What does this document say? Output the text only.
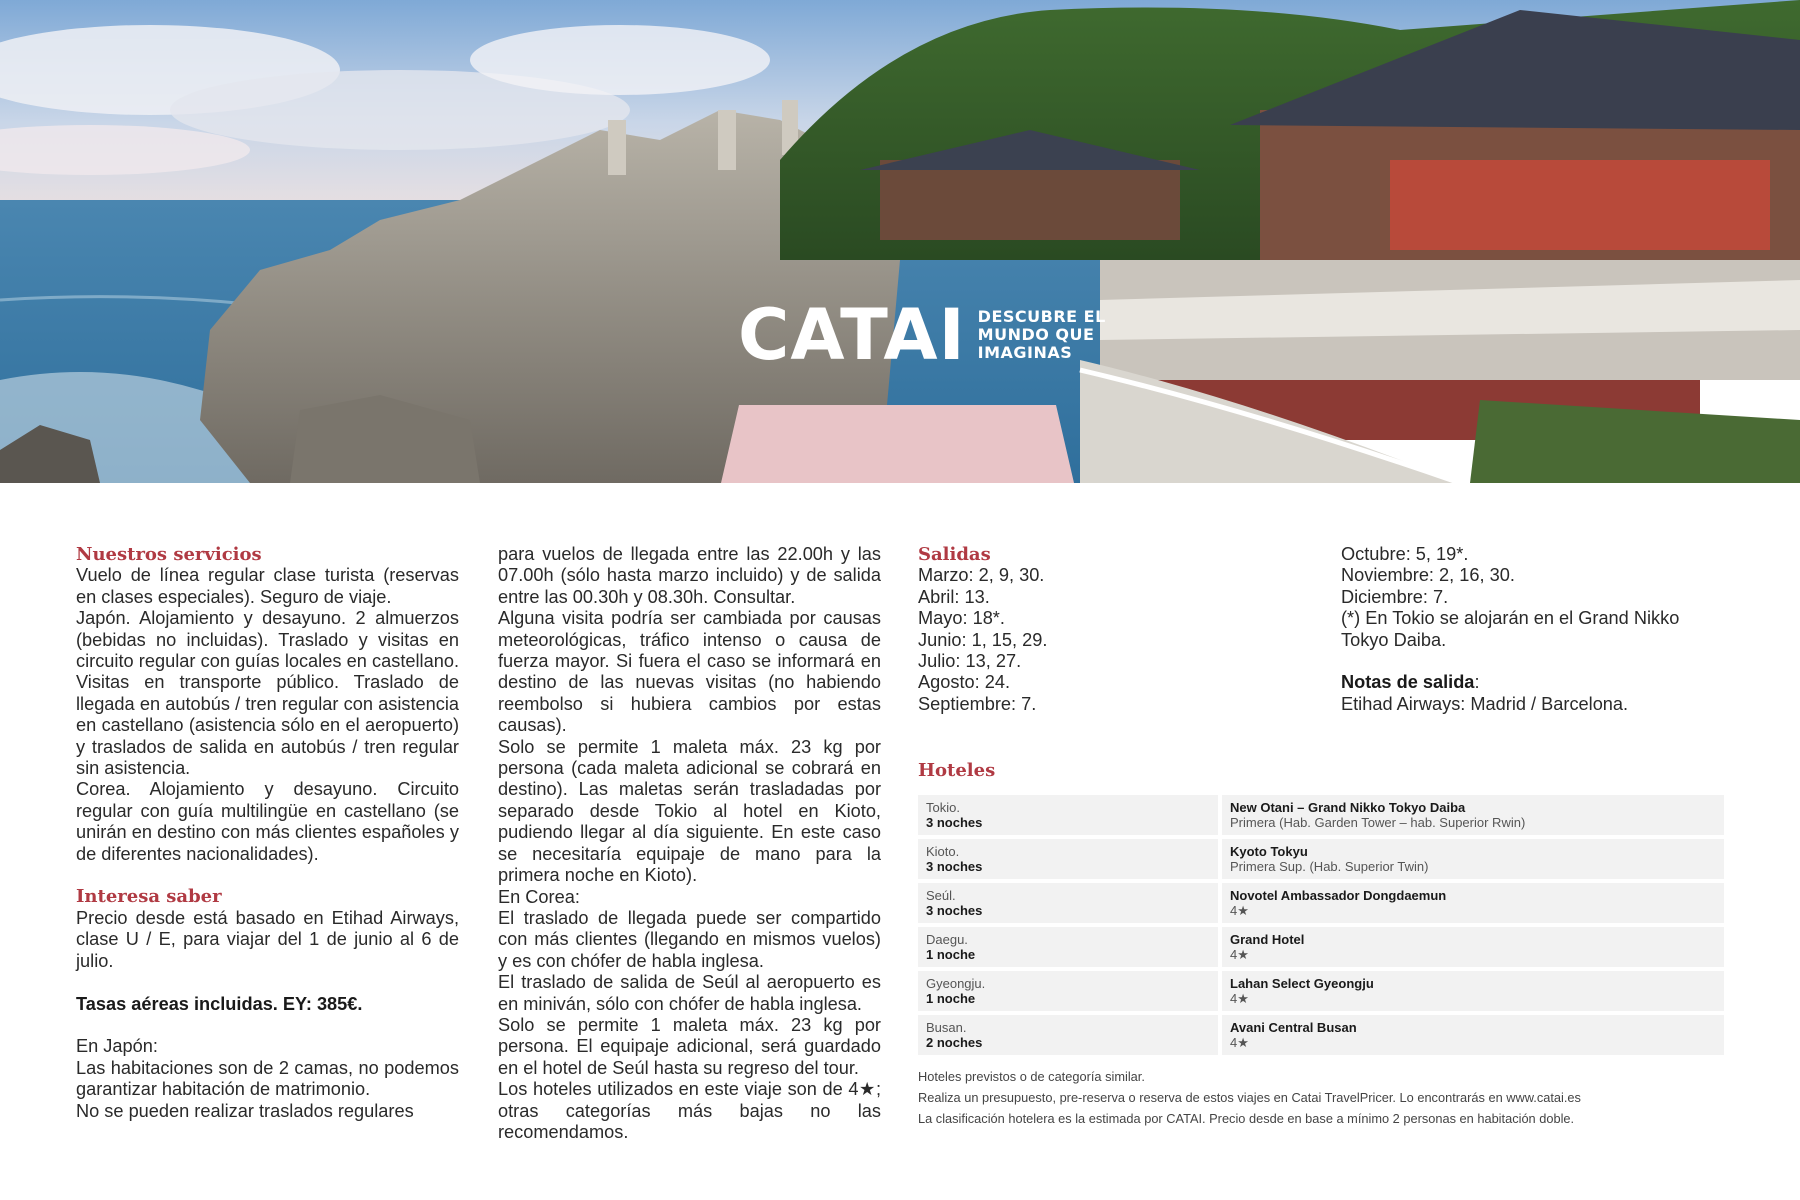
CATAI DESCUBRE EL
MUNDO QUE
IMAGINAS

Nuestros servicios

Vuelo de línea regular clase turista (reservas en clases especiales). Seguro de viaje.

Japón. Alojamiento y desayuno. 2 almuerzos (bebidas no incluidas). Traslado y visitas en circuito regular con guías locales en castellano. Visitas en transporte público. Traslado de llegada en autobús / tren regular con asistencia en castellano (asistencia sólo en el aeropuerto) y traslados de salida en autobús / tren regular sin asistencia.

Corea. Alojamiento y desayuno. Circuito regular con guía multilingüe en castellano (se unirán en destino con más clientes españoles y de diferentes nacionalidades).

Interesa saber

Precio desde está basado en Etihad Airways, clase U / E, para viajar del 1 de junio al 6 de julio.

Tasas aéreas incluidas. EY: 385€.

En Japón:

Las habitaciones son de 2 camas, no podemos garantizar habitación de matrimonio.

No se pueden realizar traslados regulares

para vuelos de llegada entre las 22.00h y las 07.00h (sólo hasta marzo incluido) y de salida entre las 00.30h y 08.30h. Consultar.

Alguna visita podría ser cambiada por causas meteorológicas, tráfico intenso o causa de fuerza mayor. Si fuera el caso se informará en destino de las nuevas visitas (no habiendo reembolso si hubiera cambios por estas causas).

Solo se permite 1 maleta máx. 23 kg por persona (cada maleta adicional se cobrará en destino). Las maletas serán trasladadas por separado desde Tokio al hotel en Kioto, pudiendo llegar al día siguiente. En este caso se necesitaría equipaje de mano para la primera noche en Kioto).

En Corea:

El traslado de llegada puede ser compartido con más clientes (llegando en mismos vuelos) y es con chófer de habla inglesa.

El traslado de salida de Seúl al aeropuerto es en miniván, sólo con chófer de habla inglesa.

Solo se permite 1 maleta máx. 23 kg por persona. El equipaje adicional, será guardado en el hotel de Seúl hasta su regreso del tour.

Los hoteles utilizados en este viaje son de 4★; otras categorías más bajas no las recomendamos.

Salidas

Marzo: 2, 9, 30.

Abril: 13.

Mayo: 18*.

Junio: 1, 15, 29.

Julio: 13, 27.

Agosto: 24.

Septiembre: 7.

Octubre: 5, 19*.

Noviembre: 2, 16, 30.

Diciembre: 7.

(*) En Tokio se alojarán en el Grand Nikko Tokyo Daiba.

Notas de salida:

Etihad Airways: Madrid / Barcelona.

Hoteles
Tokio.
3 noches
New Otani – Grand Nikko Tokyo Daiba
Primera (Hab. Garden Tower – hab. Superior Rwin)
Kioto.
3 noches
Kyoto Tokyu
Primera Sup. (Hab. Superior Twin)
Seúl.
3 noches
Novotel Ambassador Dongdaemun
4★
Daegu.
1 noche
Grand Hotel
4★
Gyeongju.
1 noche
Lahan Select Gyeongju
4★
Busan.
2 noches
Avani Central Busan
4★
Hoteles previstos o de categoría similar.
Realiza un presupuesto, pre-reserva o reserva de estos viajes en Catai TravelPricer. Lo encontrarás en www.catai.es
La clasificación hotelera es la estimada por CATAI. Precio desde en base a mínimo 2 personas en habitación doble.
